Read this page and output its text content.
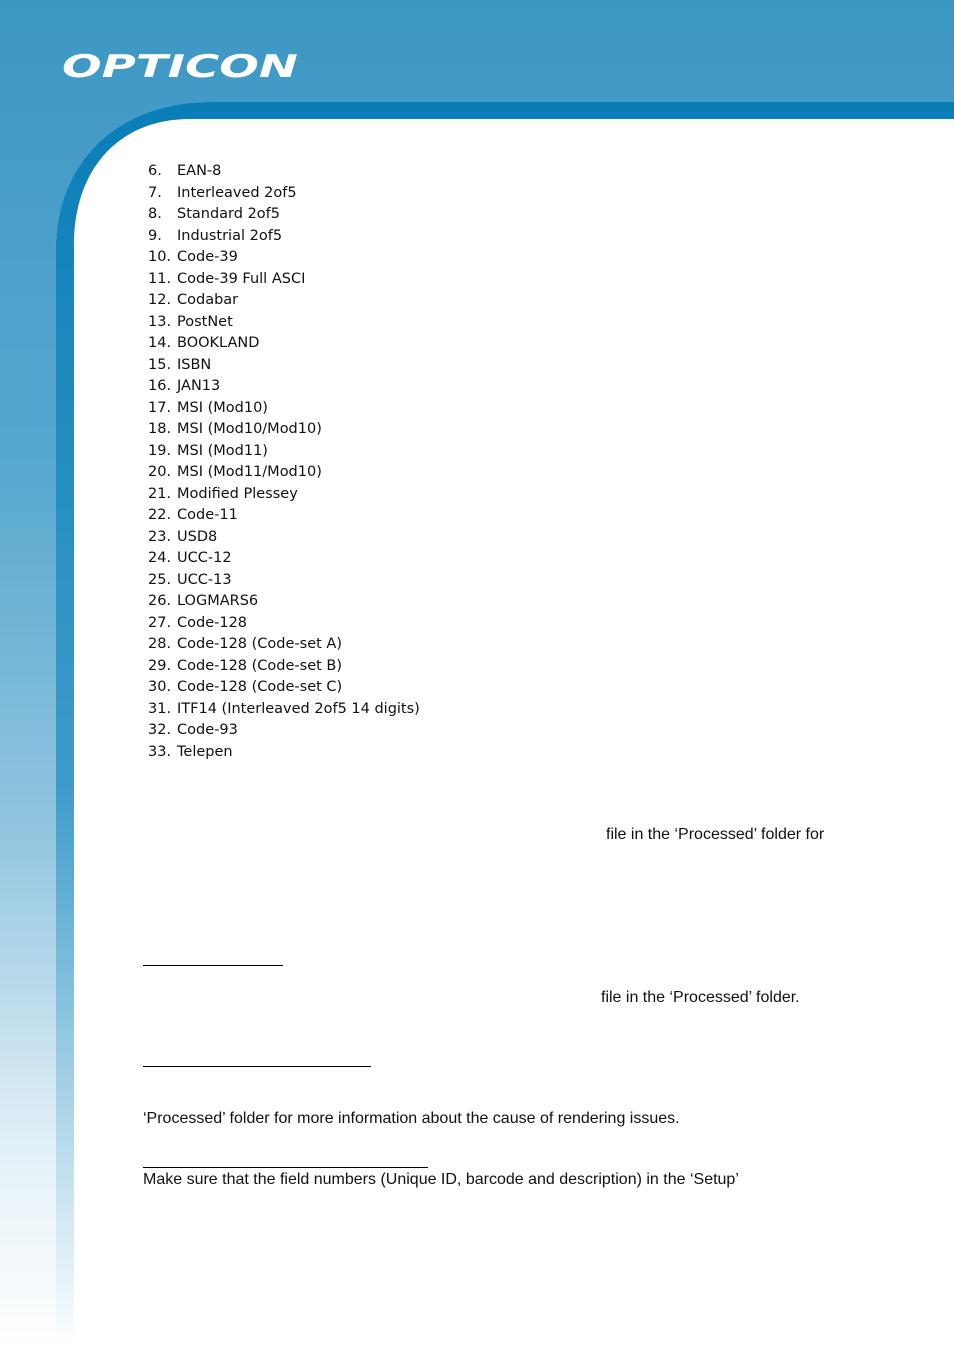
OPTICON
6. EAN-8
7. Interleaved 2of5
8. Standard 2of5
9. Industrial 2of5
10. Code-39
11. Code-39 Full ASCI
12. Codabar
13. PostNet
14. BOOKLAND
15. ISBN
16. JAN13
17. MSI (Mod10)
18. MSI (Mod10/Mod10)
19. MSI (Mod11)
20. MSI (Mod11/Mod10)
21. Modified Plessey
22. Code-11
23. USD8
24. UCC-12
25. UCC-13
26. LOGMARS6
27. Code-128
28. Code-128 (Code-set A)
29. Code-128 (Code-set B)
30. Code-128 (Code-set C)
31. ITF14 (Interleaved 2of5 14 digits)
32. Code-93
33. Telepen
file in the ‘Processed’ folder for
file in the ‘Processed’ folder.
‘Processed’ folder for more information about the cause of rendering issues.
Make sure that the field numbers (Unique ID, barcode and description) in the ‘Setup’
